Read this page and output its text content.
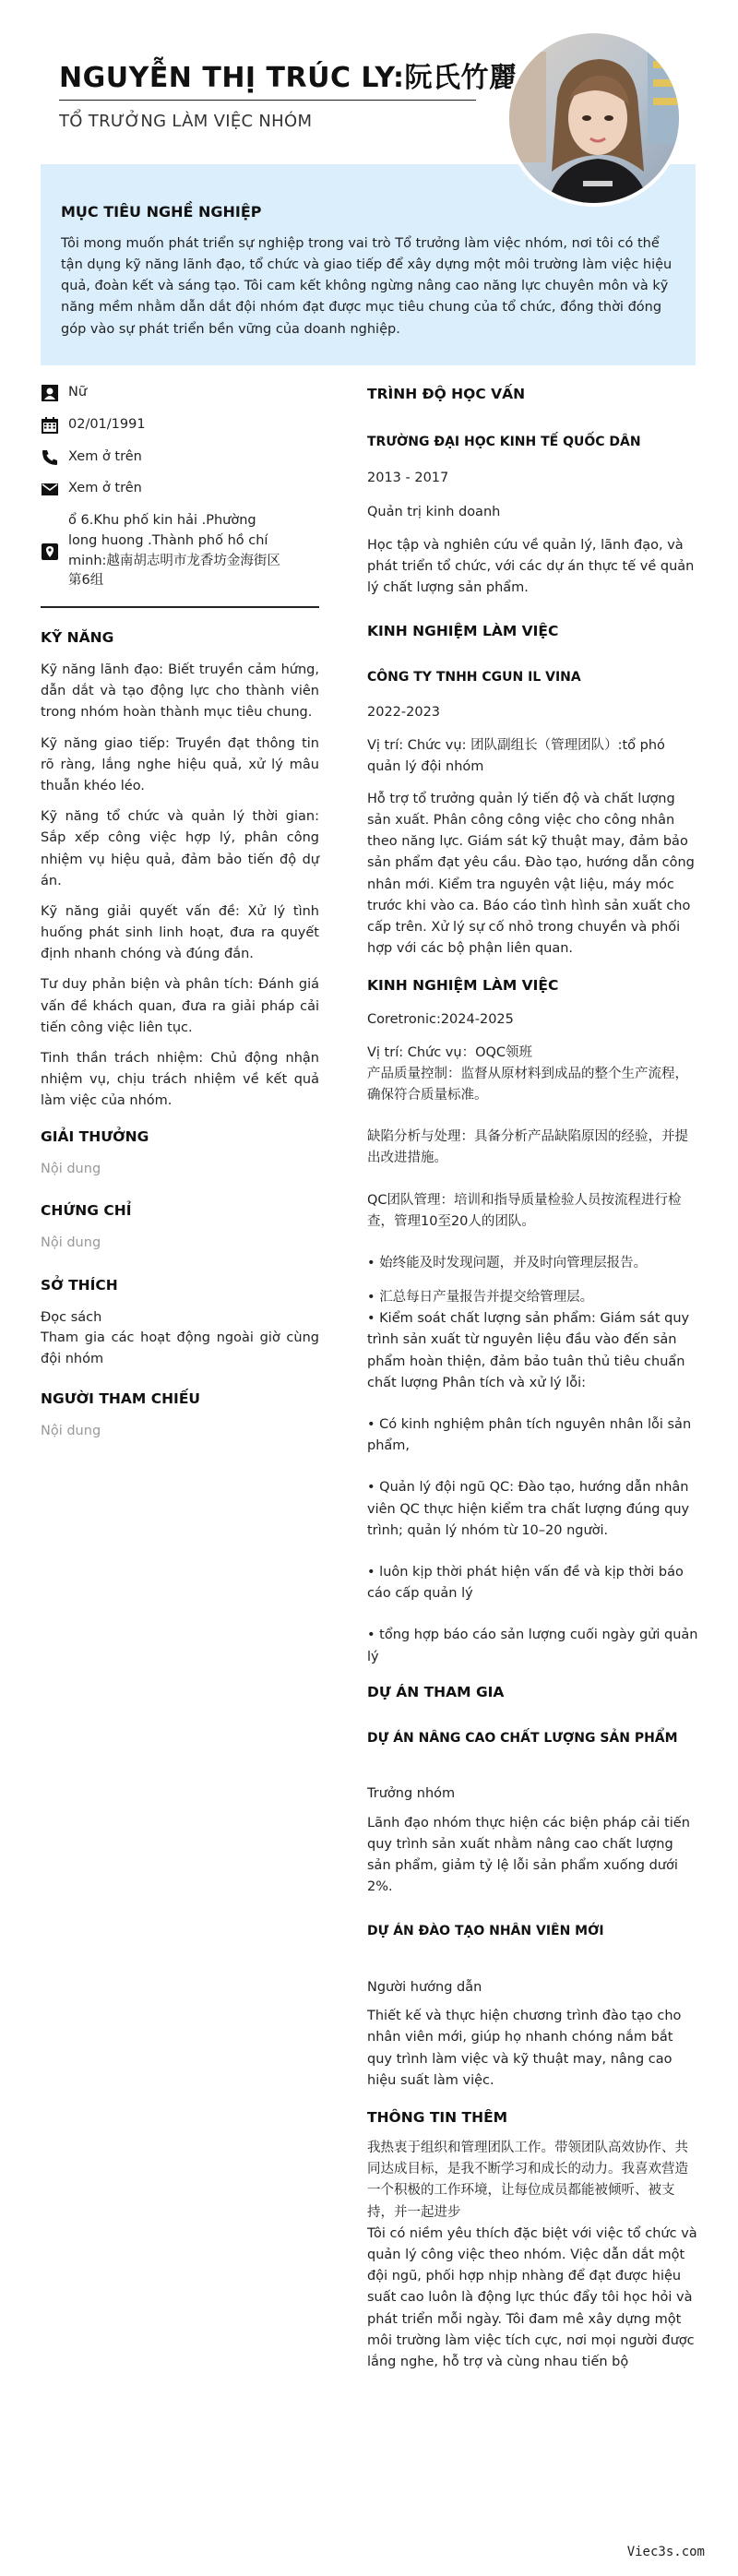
NGUYỄN THỊ TRÚC LY:阮氏竹麗
TỔ TRƯỞNG LÀM VIỆC NHÓM
MỤC TIÊU NGHỀ NGHIỆP

Tôi mong muốn phát triển sự nghiệp trong vai trò Tổ trưởng làm việc nhóm, nơi tôi có thể tận dụng kỹ năng lãnh đạo, tổ chức và giao tiếp để xây dựng một môi trường làm việc hiệu quả, đoàn kết và sáng tạo. Tôi cam kết không ngừng nâng cao năng lực chuyên môn và kỹ năng mềm nhằm dẫn dắt đội nhóm đạt được mục tiêu chung của tổ chức, đồng thời đóng góp vào sự phát triển bền vững của doanh nghiệp.

Nữ
02/01/1991
Xem ở trên
Xem ở trên
ổ 6.Khu phố kin hải .Phường long huong .Thành phố hồ chí minh:越南胡志明市龙香坊金海街区第6组
KỸ NĂNG
Kỹ năng lãnh đạo: Biết truyền cảm hứng, dẫn dắt và tạo động lực cho thành viên trong nhóm hoàn thành mục tiêu chung.
Kỹ năng giao tiếp: Truyền đạt thông tin rõ ràng, lắng nghe hiệu quả, xử lý mâu thuẫn khéo léo.
Kỹ năng tổ chức và quản lý thời gian: Sắp xếp công việc hợp lý, phân công nhiệm vụ hiệu quả, đảm bảo tiến độ dự án.
Kỹ năng giải quyết vấn đề: Xử lý tình huống phát sinh linh hoạt, đưa ra quyết định nhanh chóng và đúng đắn.
Tư duy phản biện và phân tích: Đánh giá vấn đề khách quan, đưa ra giải pháp cải tiến công việc liên tục.
Tinh thần trách nhiệm: Chủ động nhận nhiệm vụ, chịu trách nhiệm về kết quả làm việc của nhóm.
GIẢI THƯỞNG
Nội dung
CHỨNG CHỈ
Nội dung
SỞ THÍCH
Đọc sách
Tham gia các hoạt động ngoài giờ cùng đội nhóm
NGƯỜI THAM CHIẾU
Nội dung
TRÌNH ĐỘ HỌC VẤN
TRƯỜNG ĐẠI HỌC KINH TẾ QUỐC DÂN
2013 - 2017
Quản trị kinh doanh
Học tập và nghiên cứu về quản lý, lãnh đạo, và phát triển tổ chức, với các dự án thực tế về quản lý chất lượng sản phẩm.
KINH NGHIỆM LÀM VIỆC
CÔNG TY TNHH CGUN IL VINA
2022-2023
Vị trí: Chức vụ: 团队副组长（管理团队）:tổ phó quản lý đội nhóm
Hỗ trợ tổ trưởng quản lý tiến độ và chất lượng sản xuất. Phân công công việc cho công nhân theo năng lực. Giám sát kỹ thuật may, đảm bảo sản phẩm đạt yêu cầu. Đào tạo, hướng dẫn công nhân mới. Kiểm tra nguyên vật liệu, máy móc trước khi vào ca. Báo cáo tình hình sản xuất cho cấp trên. Xử lý sự cố nhỏ trong chuyền và phối hợp với các bộ phận liên quan.
KINH NGHIỆM LÀM VIỆC
Coretronic:2024-2025
Vị trí: Chức vụ：OQC领班
产品质量控制：监督从原材料到成品的整个生产流程，确保符合质量标准。
缺陷分析与处理：具备分析产品缺陷原因的经验，并提出改进措施。
QC团队管理：培训和指导质量检验人员按流程进行检查，管理10至20人的团队。
• 始终能及时发现问题，并及时向管理层报告。
• 汇总每日产量报告并提交给管理层。
• Kiểm soát chất lượng sản phẩm: Giám sát quy trình sản xuất từ nguyên liệu đầu vào đến sản phẩm hoàn thiện, đảm bảo tuân thủ tiêu chuẩn chất lượng Phân tích và xử lý lỗi:
• Có kinh nghiệm phân tích nguyên nhân lỗi sản phẩm,
• Quản lý đội ngũ QC: Đào tạo, hướng dẫn nhân viên QC thực hiện kiểm tra chất lượng đúng quy trình; quản lý nhóm từ 10–20 người.
• luôn kịp thời phát hiện vấn đề và kịp thời báo cáo cấp quản lý
• tổng hợp báo cáo sản lượng cuối ngày gửi quản lý
DỰ ÁN THAM GIA
DỰ ÁN NÂNG CAO CHẤT LƯỢNG SẢN PHẨM
Trưởng nhóm
Lãnh đạo nhóm thực hiện các biện pháp cải tiến quy trình sản xuất nhằm nâng cao chất lượng sản phẩm, giảm tỷ lệ lỗi sản phẩm xuống dưới 2%.
DỰ ÁN ĐÀO TẠO NHÂN VIÊN MỚI
Người hướng dẫn
Thiết kế và thực hiện chương trình đào tạo cho nhân viên mới, giúp họ nhanh chóng nắm bắt quy trình làm việc và kỹ thuật may, nâng cao hiệu suất làm việc.
THÔNG TIN THÊM
我热衷于组织和管理团队工作。带领团队高效协作、共同达成目标，是我不断学习和成长的动力。我喜欢营造一个积极的工作环境，让每位成员都能被倾听、被支持，并一起进步
Tôi có niềm yêu thích đặc biệt với việc tổ chức và quản lý công việc theo nhóm. Việc dẫn dắt một đội ngũ, phối hợp nhịp nhàng để đạt được hiệu suất cao luôn là động lực thúc đẩy tôi học hỏi và phát triển mỗi ngày. Tôi đam mê xây dựng một môi trường làm việc tích cực, nơi mọi người được lắng nghe, hỗ trợ và cùng nhau tiến bộ
Viec3s.com
